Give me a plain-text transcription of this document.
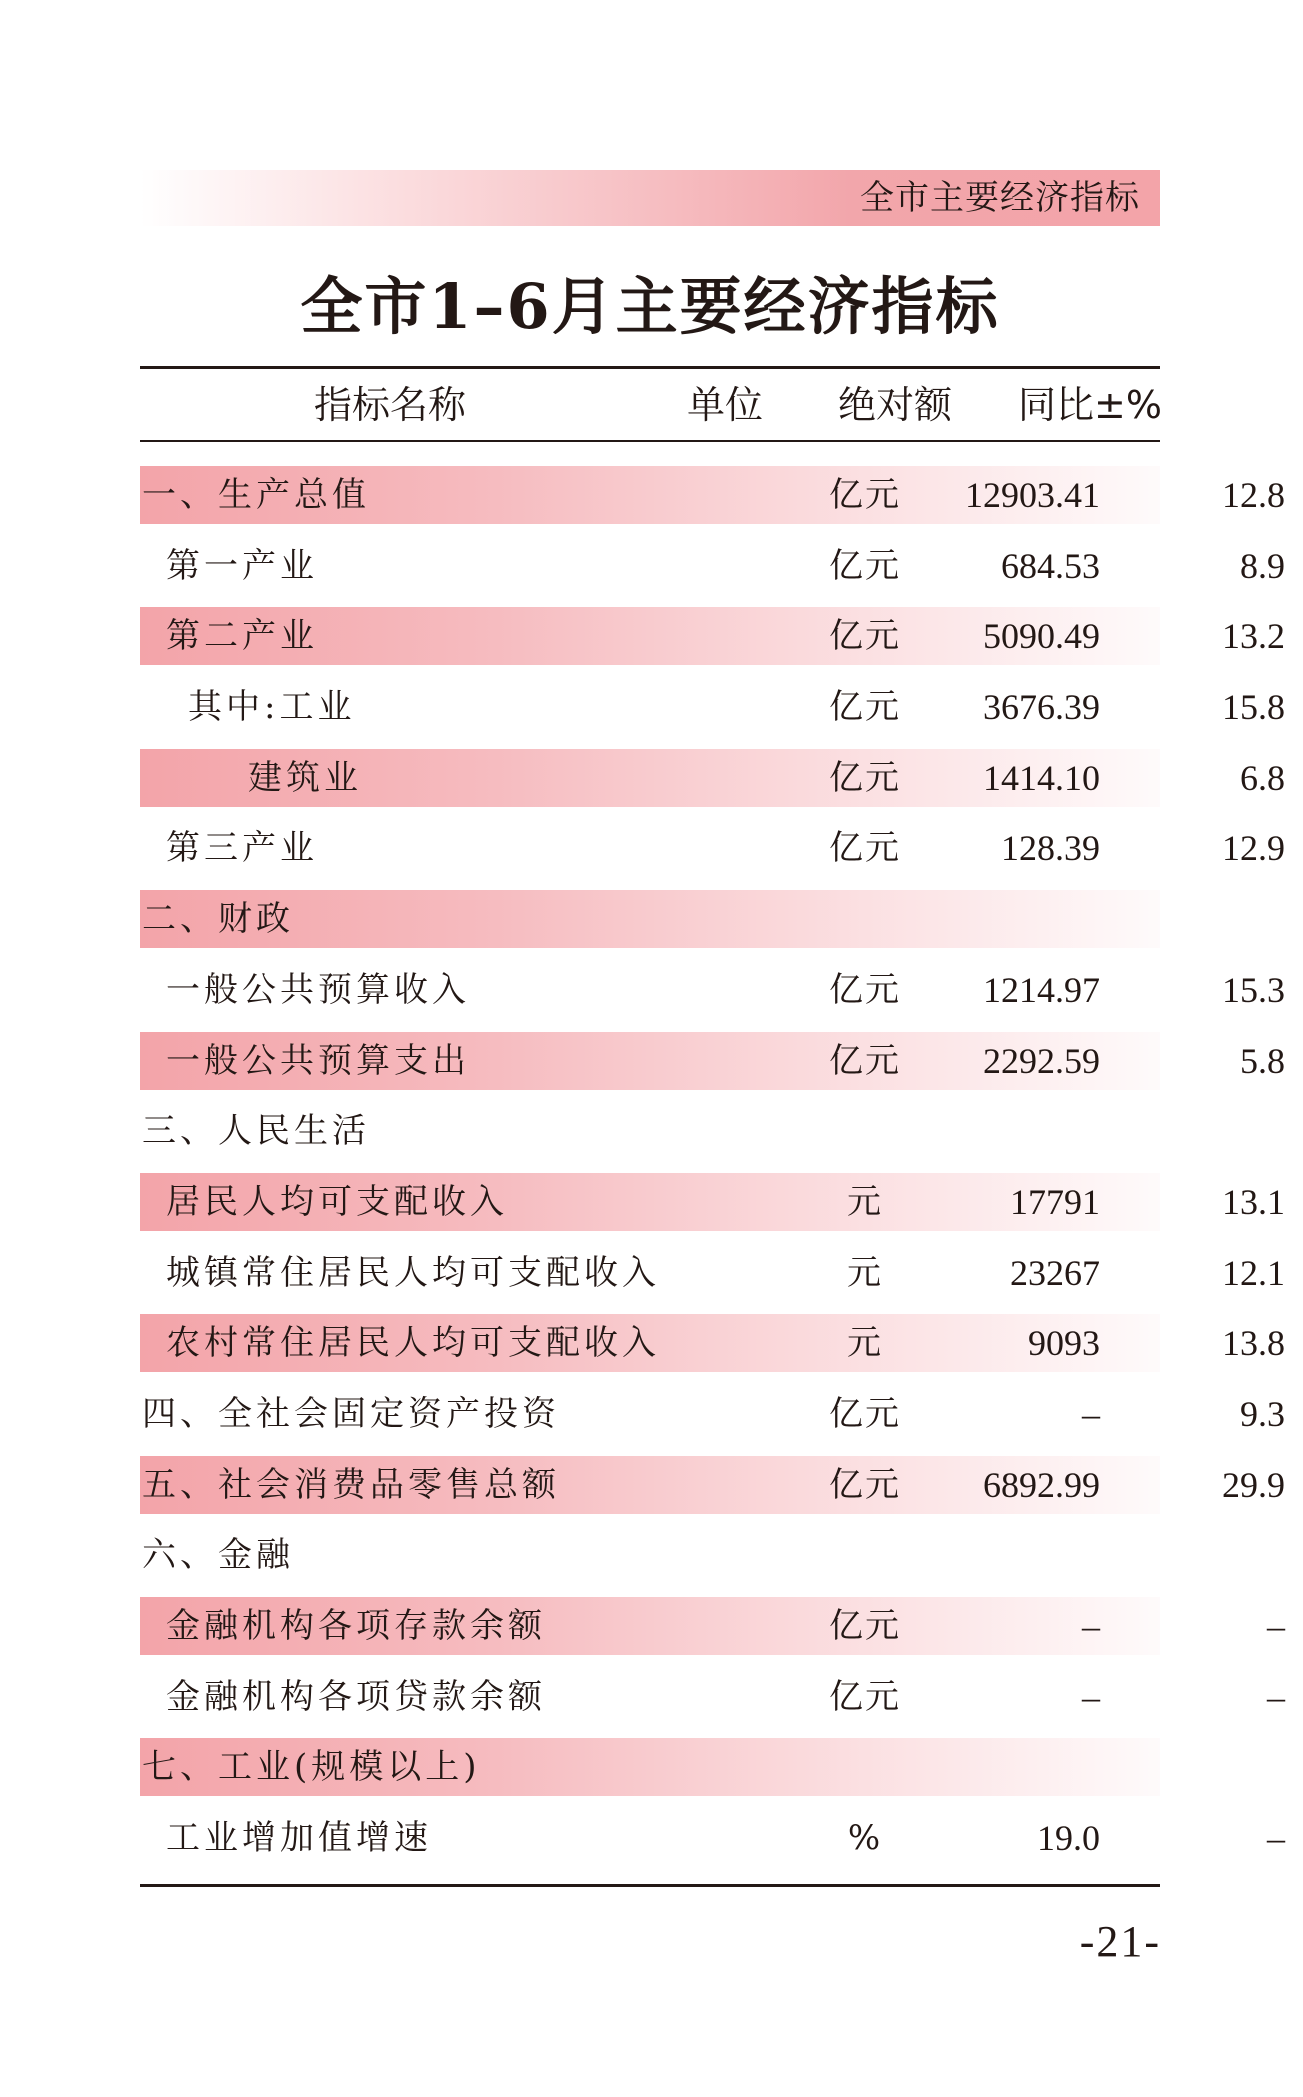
全市主要经济指标
全市1–6月主要经济指标
指标名称	单位	绝对额	同比±%
一、生产总值	亿元	12903.41	12.8
第一产业	亿元	684.53	8.9
第二产业	亿元	5090.49	13.2
其中:工业	亿元	3676.39	15.8
建筑业	亿元	1414.10	6.8
第三产业	亿元	128.39	12.9
二、财政
一般公共预算收入	亿元	1214.97	15.3
一般公共预算支出	亿元	2292.59	5.8
三、人民生活
居民人均可支配收入	元	17791	13.1
城镇常住居民人均可支配收入	元	23267	12.1
农村常住居民人均可支配收入	元	9093	13.8
四、全社会固定资产投资	亿元	–	9.3
五、社会消费品零售总额	亿元	6892.99	29.9
六、金融
金融机构各项存款余额	亿元	–	–
金融机构各项贷款余额	亿元	–	–
七、工业(规模以上)
工业增加值增速	%	19.0	–
-21-
